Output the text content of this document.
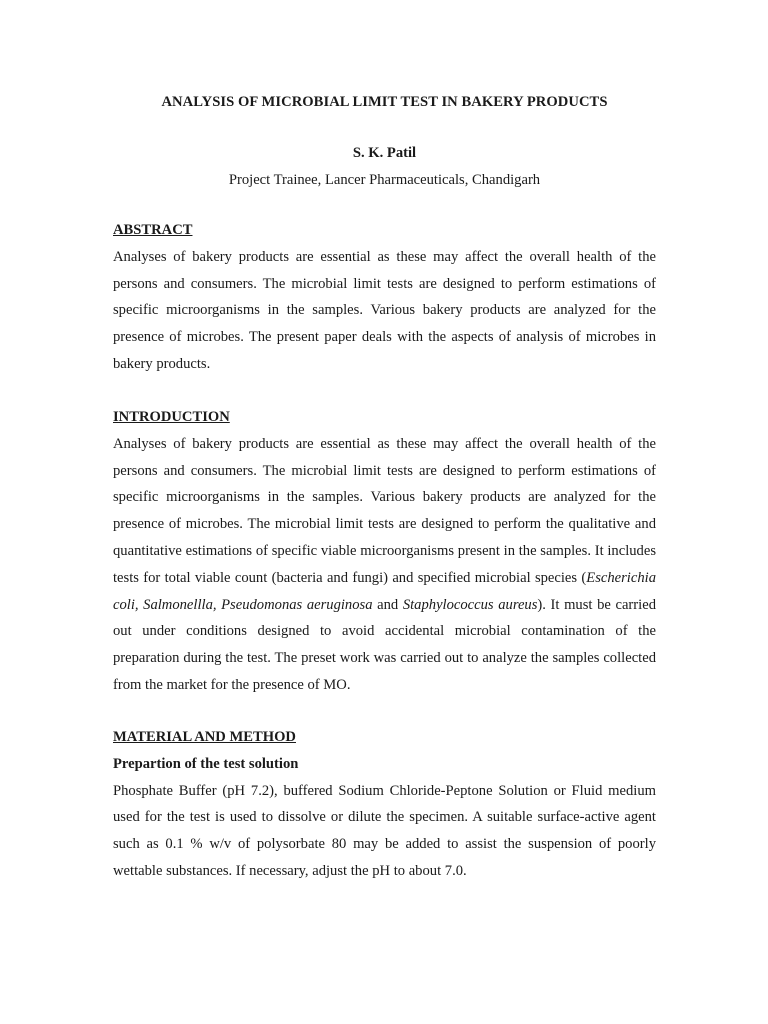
ANALYSIS OF MICROBIAL LIMIT TEST IN BAKERY PRODUCTS
S. K. Patil
Project Trainee, Lancer Pharmaceuticals, Chandigarh
ABSTRACT

Analyses of bakery products are essential as these may affect the overall health of the persons and consumers. The microbial limit tests are designed to perform estimations of specific microorganisms in the samples. Various bakery products are analyzed for the presence of microbes. The present paper deals with the aspects of analysis of microbes in bakery products.

INTRODUCTION

Analyses of bakery products are essential as these may affect the overall health of the persons and consumers. The microbial limit tests are designed to perform estimations of specific microorganisms in the samples. Various bakery products are analyzed for the presence of microbes. The microbial limit tests are designed to perform the qualitative and quantitative estimations of specific viable microorganisms present in the samples. It includes tests for total viable count (bacteria and fungi) and specified microbial species (Escherichia coli, Salmonellla, Pseudomonas aeruginosa and Staphylococcus aureus). It must be carried out under conditions designed to avoid accidental microbial contamination of the preparation during the test. The preset work was carried out to analyze the samples collected from the market for the presence of MO.

MATERIAL AND METHOD
Prepartion of the test solution

Phosphate Buffer (pH 7.2), buffered Sodium Chloride-Peptone Solution or Fluid medium used for the test is used to dissolve or dilute the specimen. A suitable surface-active agent such as 0.1 % w/v of polysorbate 80 may be added to assist the suspension of poorly wettable substances. If necessary, adjust the pH to about 7.0.
